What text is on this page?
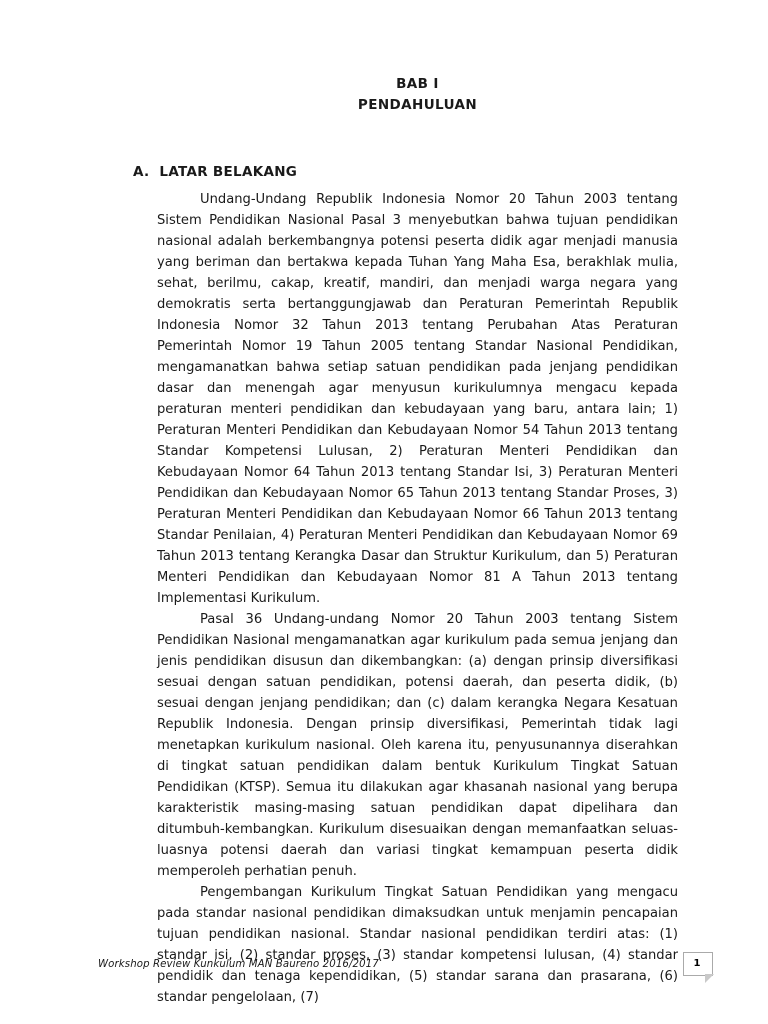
BAB I
PENDAHULUAN
A.  LATAR BELAKANG

Undang-Undang Republik Indonesia Nomor 20 Tahun 2003 tentang Sistem Pendidikan Nasional Pasal 3 menyebutkan bahwa tujuan pendidikan nasional adalah berkembangnya potensi peserta didik agar menjadi manusia yang beriman dan bertakwa kepada Tuhan Yang Maha Esa, berakhlak mulia, sehat, berilmu, cakap, kreatif, mandiri, dan menjadi warga negara yang demokratis serta bertanggungjawab dan Peraturan Pemerintah Republik Indonesia Nomor 32 Tahun 2013 tentang Perubahan Atas Peraturan Pemerintah Nomor 19 Tahun 2005 tentang Standar Nasional Pendidikan, mengamanatkan bahwa setiap satuan pendidikan pada jenjang pendidikan dasar dan menengah agar menyusun kurikulumnya mengacu kepada peraturan menteri pendidikan dan kebudayaan yang baru, antara lain; 1) Peraturan Menteri Pendidikan dan Kebudayaan Nomor 54 Tahun 2013 tentang Standar Kompetensi Lulusan, 2) Peraturan Menteri Pendidikan dan Kebudayaan Nomor 64 Tahun 2013 tentang Standar Isi, 3) Peraturan Menteri Pendidikan dan Kebudayaan Nomor 65 Tahun 2013 tentang Standar Proses, 3) Peraturan Menteri Pendidikan dan Kebudayaan Nomor 66 Tahun 2013 tentang Standar Penilaian, 4) Peraturan Menteri Pendidikan dan Kebudayaan Nomor 69 Tahun 2013 tentang Kerangka Dasar dan Struktur Kurikulum, dan 5) Peraturan Menteri Pendidikan dan Kebudayaan Nomor 81 A Tahun 2013 tentang Implementasi Kurikulum.

Pasal 36 Undang-undang Nomor 20 Tahun 2003 tentang Sistem Pendidikan Nasional mengamanatkan agar kurikulum pada semua jenjang dan jenis pendidikan disusun dan dikembangkan: (a) dengan prinsip diversifikasi sesuai dengan satuan pendidikan, potensi daerah, dan peserta didik, (b) sesuai dengan jenjang pendidikan; dan (c) dalam kerangka Negara Kesatuan Republik Indonesia. Dengan prinsip diversifikasi, Pemerintah tidak lagi menetapkan kurikulum nasional. Oleh karena itu, penyusunannya diserahkan di tingkat satuan pendidikan dalam bentuk Kurikulum Tingkat Satuan Pendidikan (KTSP). Semua itu dilakukan agar khasanah nasional yang berupa karakteristik masing-masing satuan pendidikan dapat dipelihara dan ditumbuh-kembangkan. Kurikulum disesuaikan dengan memanfaatkan seluas-luasnya potensi daerah dan variasi tingkat kemampuan peserta didik memperoleh perhatian penuh.

Pengembangan Kurikulum Tingkat Satuan Pendidikan yang mengacu pada standar nasional pendidikan dimaksudkan untuk menjamin pencapaian tujuan pendidikan nasional. Standar nasional pendidikan terdiri atas: (1) standar isi, (2) standar proses, (3) standar kompetensi lulusan, (4) standar pendidik dan tenaga kependidikan, (5) standar sarana dan prasarana, (6) standar pengelolaan, (7)

Workshop Review Kunkulum MAN Baureno 2016/2017	1
